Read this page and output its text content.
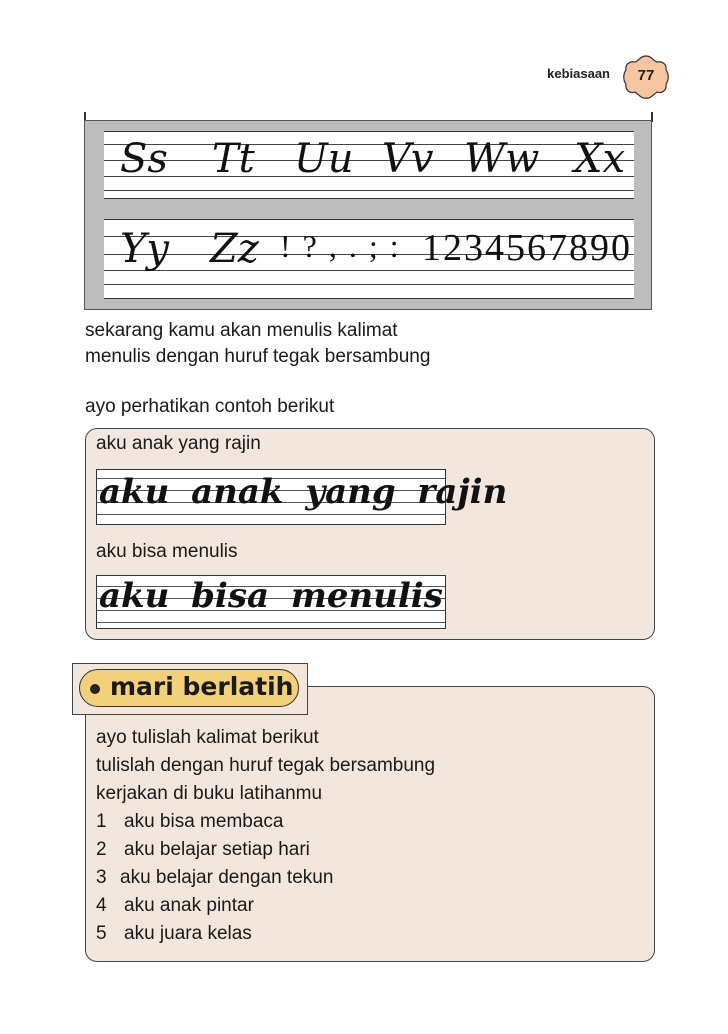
kebiasaan	77
Ss Tt Uu Vv Ww Xx
Yy Zz ! ? , . ; : 1234567890
sekarang kamu akan menulis kalimat
menulis dengan huruf tegak bersambung
ayo perhatikan contoh berikut
aku anak yang rajin
aku anak yang rajin
aku bisa menulis
aku bisa menulis
ayo tulislah kalimat berikut
tulislah dengan huruf tegak bersambung
kerjakan di buku latihanmu
1 aku bisa membaca
2 aku belajar setiap hari
3 aku belajar dengan tekun
4 aku anak pintar
5 aku juara kelas
mari berlatih
